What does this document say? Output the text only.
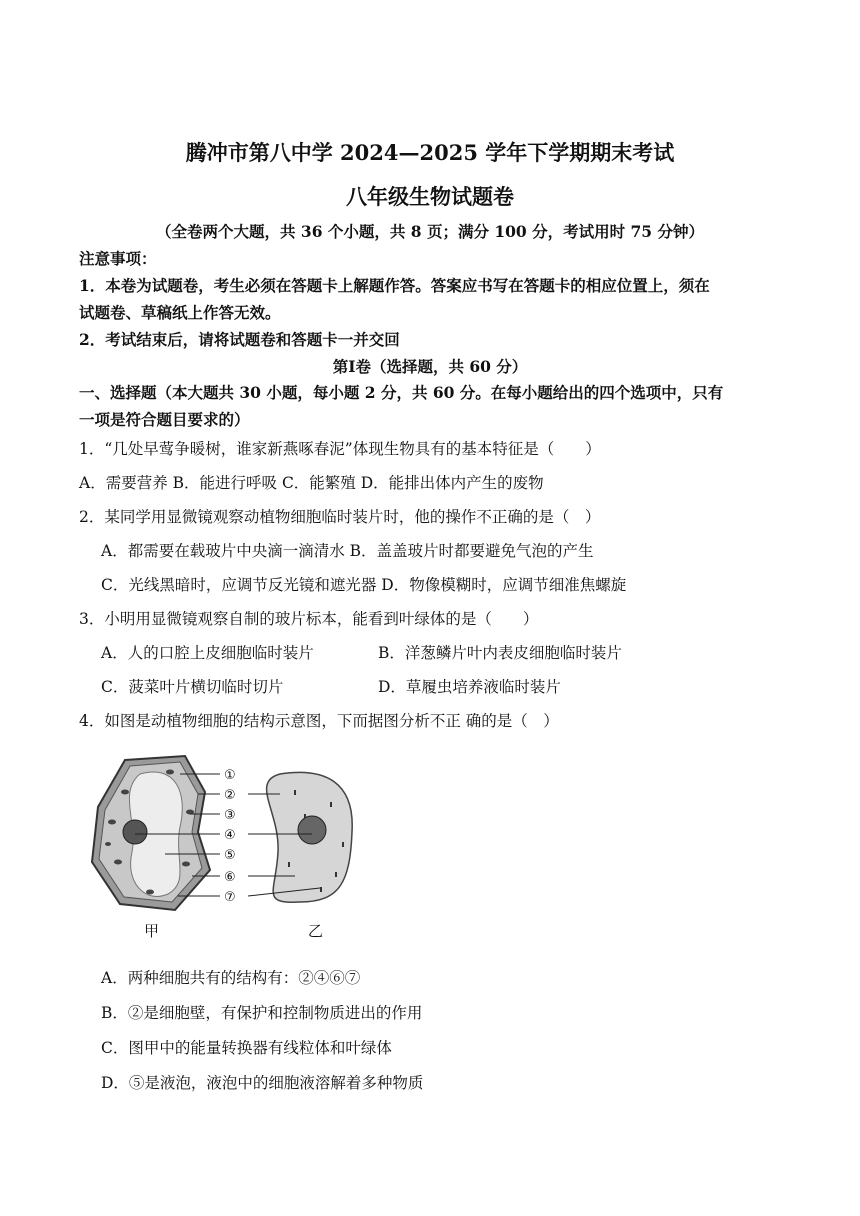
腾冲市第八中学 2024—2025 学年下学期期末考试
八年级生物试题卷
（全卷两个大题，共 36 个小题，共 8 页；满分 100 分，考试用时 75 分钟）
注意事项：
1．本卷为试题卷，考生必须在答题卡上解题作答。答案应书写在答题卡的相应位置上，须在
试题卷、草稿纸上作答无效。
2．考试结束后，请将试题卷和答题卡一并交回
第Ⅰ卷（选择题，共 60 分）
一、选择题（本大题共 30 小题，每小题 2 分，共 60 分。在每小题给出的四个选项中，只有
一项是符合题目要求的）
1．“几处早莺争暖树，谁家新燕啄春泥”体现生物具有的基本特征是（　　）
A．需要营养 B．能进行呼吸 C．能繁殖 D．能排出体内产生的废物
2．某同学用显微镜观察动植物细胞临时装片时，他的操作不正确的是（　）
A．都需要在载玻片中央滴一滴清水 B．盖盖玻片时都要避免气泡的产生
C．光线黑暗时，应调节反光镜和遮光器 D．物像模糊时，应调节细准焦螺旋
3．小明用显微镜观察自制的玻片标本，能看到叶绿体的是（　　）
A．人的口腔上皮细胞临时装片	B．洋葱鳞片叶内表皮细胞临时装片
C．菠菜叶片横切临时切片	D．草履虫培养液临时装片
4．如图是动植物细胞的结构示意图，下而据图分析不正 确的是（　）
①
②
③
④
⑤
⑥
⑦
甲	乙
A．两种细胞共有的结构有：②④⑥⑦
B．②是细胞壁，有保护和控制物质进出的作用
C．图甲中的能量转换器有线粒体和叶绿体
D．⑤是液泡，液泡中的细胞液溶解着多种物质
